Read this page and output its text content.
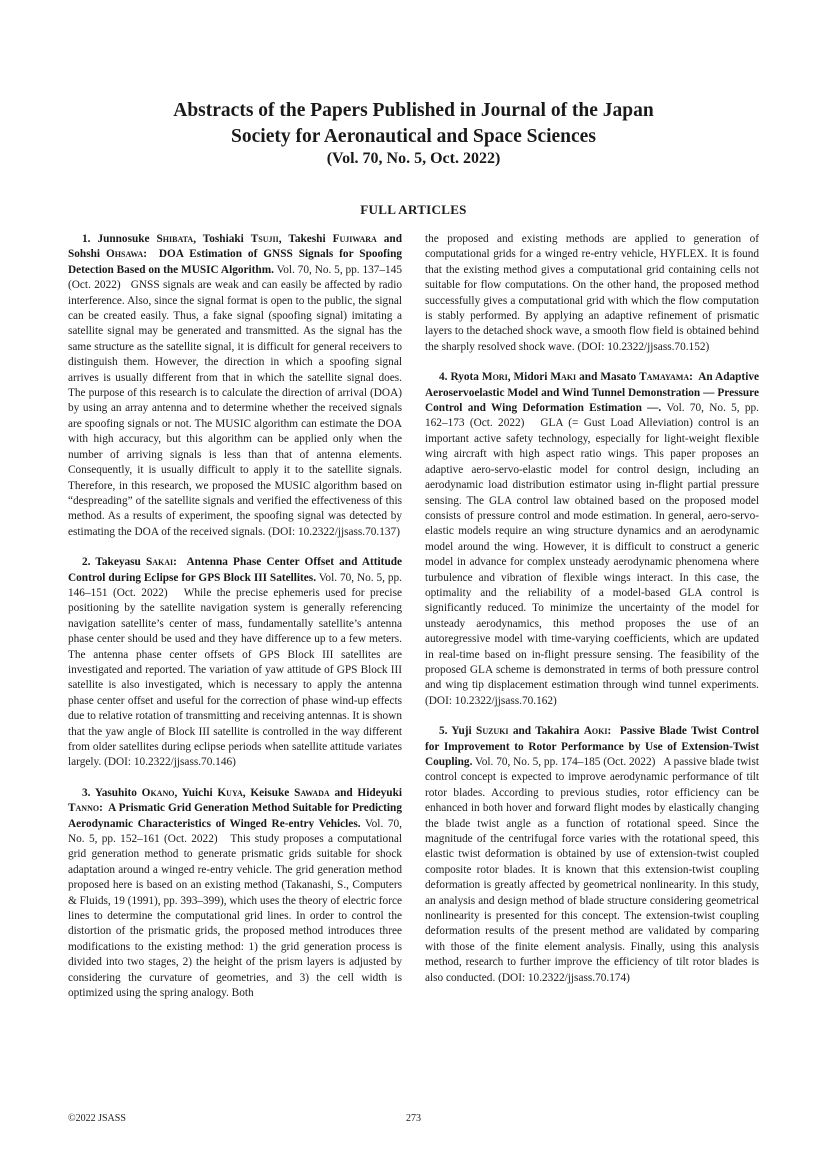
Abstracts of the Papers Published in Journal of the Japan
Society for Aeronautical and Space Sciences
(Vol. 70, No. 5, Oct. 2022)
FULL ARTICLES

1. Junnosuke Shibata, Toshiaki Tsujii, Takeshi Fujiwara and Sohshi Ohsawa:  DOA Estimation of GNSS Signals for Spoofing Detection Based on the MUSIC Algorithm. Vol. 70, No. 5, pp. 137–145 (Oct. 2022) GNSS signals are weak and can easily be affected by radio interference. Also, since the signal format is open to the public, the signal can be created easily. Thus, a fake signal (spoofing signal) imitating a satellite signal may be generated and transmitted. As the signal has the same structure as the satellite signal, it is difficult for general receivers to distinguish them. However, the direction in which a spoofing signal arrives is usually different from that in which the satellite signal does. The purpose of this research is to calculate the direction of arrival (DOA) by using an array antenna and to determine whether the received signals are spoofing signals or not. The MUSIC algorithm can estimate the DOA with high accuracy, but this algorithm can be applied only when the number of arriving signals is less than that of antenna elements. Consequently, it is usually difficult to apply it to the satellite signals. Therefore, in this research, we proposed the MUSIC algorithm based on “despreading” of the satellite signals and verified the effectiveness of this method. As a results of experiment, the spoofing signal was detected by estimating the DOA of the received signals. (DOI: 10.2322/jjsass.70.137)

2. Takeyasu Sakai:  Antenna Phase Center Offset and Attitude Control during Eclipse for GPS Block III Satellites. Vol. 70, No. 5, pp. 146–151 (Oct. 2022) While the precise ephemeris used for precise positioning by the satellite navigation system is generally referencing navigation satellite’s center of mass, fundamentally satellite’s antenna phase center should be used and they have difference up to a few meters. The antenna phase center offsets of GPS Block III satellites are investigated and reported. The variation of yaw attitude of GPS Block III satellite is also investigated, which is necessary to apply the antenna phase center offset and useful for the correction of phase wind-up effects due to relative rotation of transmitting and receiving antennas. It is shown that the yaw angle of Block III satellite is controlled in the way different from older satellites during eclipse periods when satellite attitude variates largely. (DOI: 10.2322/jjsass.70.146)

3. Yasuhito Okano, Yuichi Kuya, Keisuke Sawada and Hideyuki Tanno:  A Prismatic Grid Generation Method Suitable for Predicting Aerodynamic Characteristics of Winged Re-entry Vehicles. Vol. 70, No. 5, pp. 152–161 (Oct. 2022) This study proposes a computational grid generation method to generate prismatic grids suitable for shock adaptation around a winged re-entry vehicle. The grid generation method proposed here is based on an existing method (Takanashi, S., Computers & Fluids, 19 (1991), pp. 393–399), which uses the theory of electric force lines to determine the computational grid lines. In order to control the distortion of the prismatic grids, the proposed method introduces three modifications to the existing method: 1) the grid generation process is divided into two stages, 2) the height of the prism layers is adjusted by considering the curvature of geometries, and 3) the cell width is optimized using the spring analogy. Both

the proposed and existing methods are applied to generation of computational grids for a winged re-entry vehicle, HYFLEX. It is found that the existing method gives a computational grid containing cells not suitable for flow computations. On the other hand, the proposed method successfully gives a computational grid with which the flow computation is stably performed. By applying an adaptive refinement of prismatic layers to the detached shock wave, a smooth flow field is obtained behind the sharply resolved shock wave. (DOI: 10.2322/jjsass.70.152)

4. Ryota Mori, Midori Maki and Masato Tamayama:  An Adaptive Aeroservoelastic Model and Wind Tunnel Demonstration — Pressure Control and Wing Deformation Estimation —. Vol. 70, No. 5, pp. 162–173 (Oct. 2022) GLA (= Gust Load Alleviation) control is an important active safety technology, especially for light-weight flexible wing aircraft with high aspect ratio wings. This paper proposes an adaptive aero-servo-elastic model for control design, including an aerodynamic load distribution estimator using in-flight partial pressure sensing. The GLA control law obtained based on the proposed model consists of pressure control and mode estimation. In general, aero-servo-elastic models require an wing structure dynamics and an aerodynamic model around the wing. However, it is difficult to construct a generic model in advance for complex unsteady aerodynamic phenomena where turbulence and vibration of flexible wings interact. In this case, the optimality and the reliability of a model-based GLA control is significantly reduced. To minimize the uncertainty of the model for unsteady aerodynamics, this method proposes the use of an autoregressive model with time-varying coefficients, which are updated in real-time based on in-flight pressure sensing. The feasibility of the proposed GLA scheme is demonstrated in terms of both pressure control and wing tip displacement estimation through wind tunnel experiments. (DOI: 10.2322/jjsass.70.162)

5. Yuji Suzuki and Takahira Aoki:  Passive Blade Twist Control for Improvement to Rotor Performance by Use of Extension-Twist Coupling. Vol. 70, No. 5, pp. 174–185 (Oct. 2022) A passive blade twist control concept is expected to improve aerodynamic performance of tilt rotor blades. According to previous studies, rotor efficiency can be enhanced in both hover and forward flight modes by elastically changing the blade twist angle as a function of rotational speed. Since the magnitude of the centrifugal force varies with the rotational speed, this elastic twist deformation is obtained by use of extension-twist coupled composite rotor blades. It is known that this extension-twist coupling deformation is greatly affected by geometrical nonlinearity. In this study, an analysis and design method of blade structure considering geometrical nonlinearity is presented for this concept. The extension-twist coupling deformation results of the present method are validated by comparing with those of the finite element analysis. Finally, using this analysis method, research to further improve the efficiency of tilt rotor blades is also conducted. (DOI: 10.2322/jjsass.70.174)

©2022 JSASS	273
